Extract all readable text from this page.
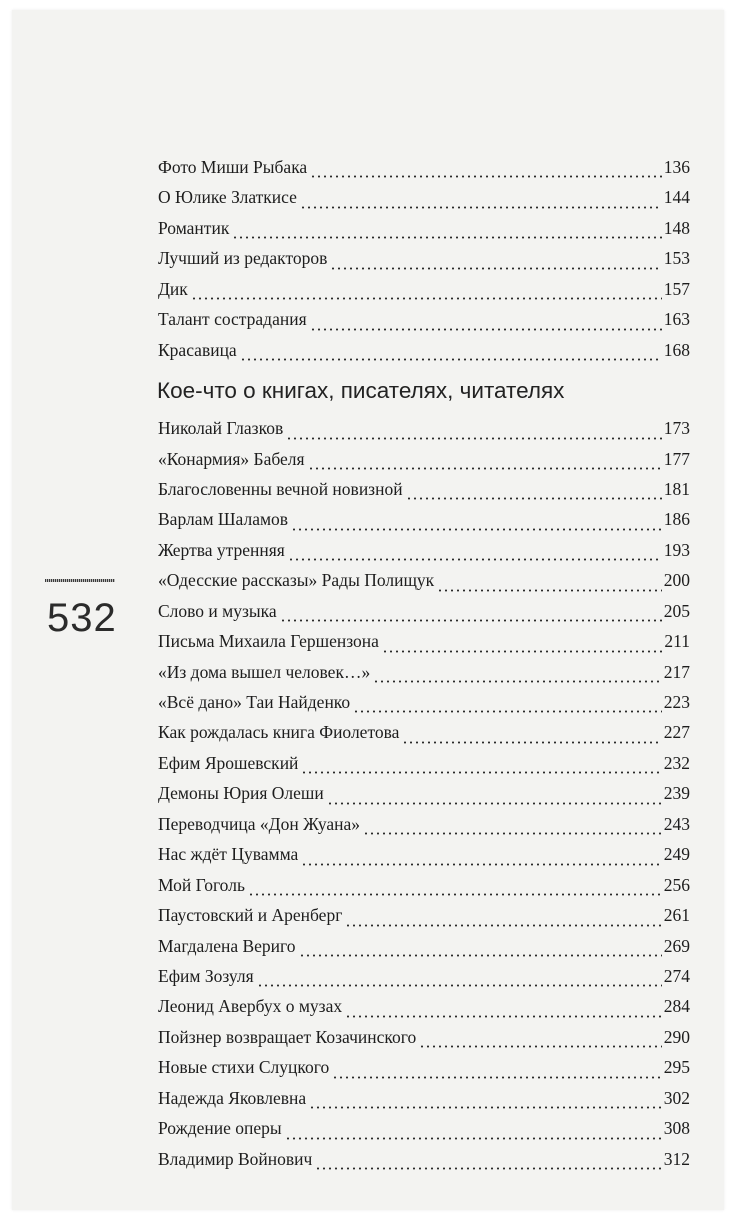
532
Фото Миши Рыбака	136
О Юлике Златкисе	144
Романтик	148
Лучший из редакторов	153
Дик	157
Талант сострадания	163
Красавица	168
Кое-что о книгах, писателях, читателях
Николай Глазков	173
«Конармия» Бабеля	177
Благословенны вечной новизной	181
Варлам Шаламов	186
Жертва утренняя	193
«Одесские рассказы» Рады Полищук	200
Слово и музыка	205
Письма Михаила Гершензона	211
«Из дома вышел человек…»	217
«Всё дано» Таи Найденко	223
Как рождалась книга Фиолетова	227
Ефим Ярошевский	232
Демоны Юрия Олеши	239
Переводчица «Дон Жуана»	243
Нас ждёт Цувамма	249
Мой Гоголь	256
Паустовский и Аренберг	261
Магдалена Вериго	269
Ефим Зозуля	274
Леонид Авербух о музах	284
Пойзнер возвращает Козачинского	290
Новые стихи Слуцкого	295
Надежда Яковлевна	302
Рождение оперы	308
Владимир Войнович	312
